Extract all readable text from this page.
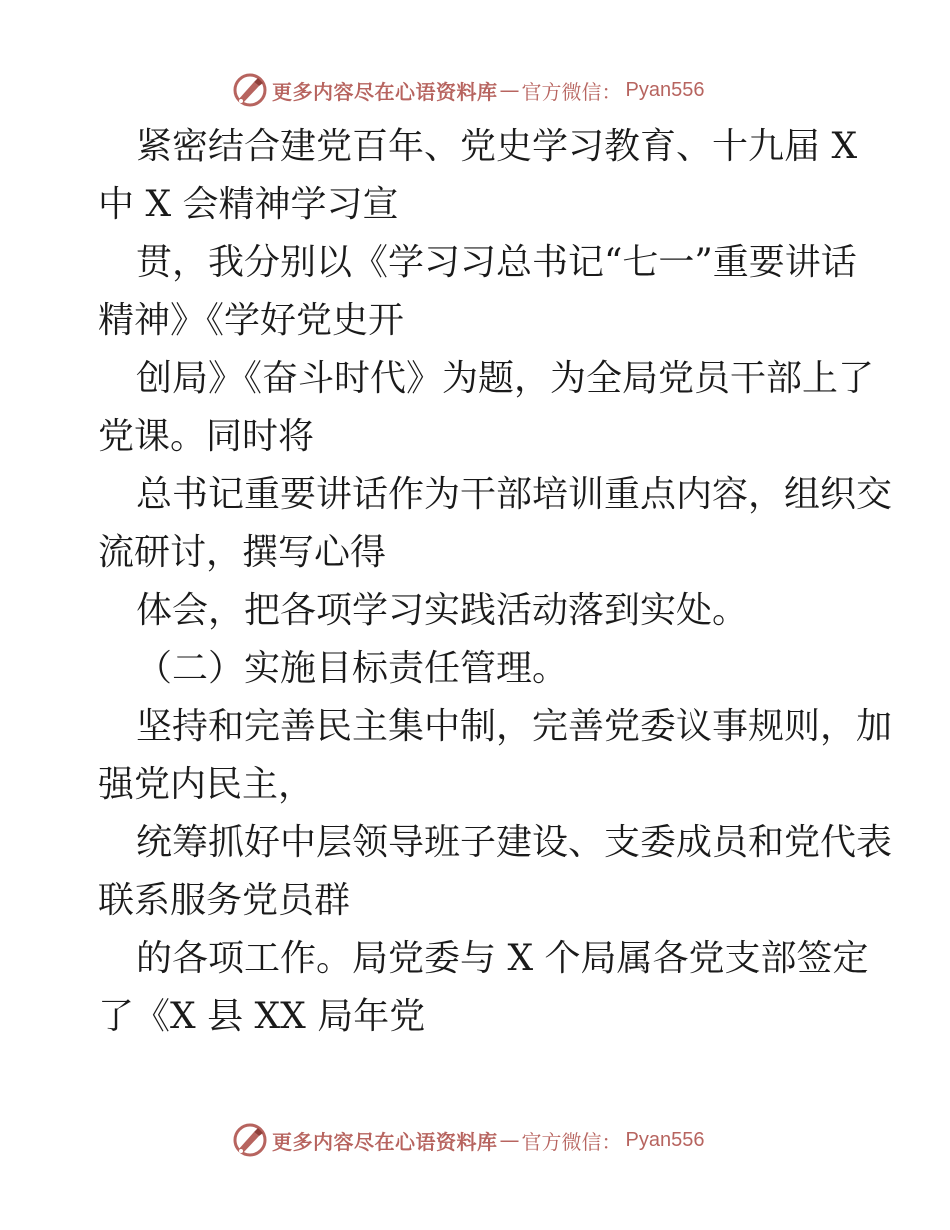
更多内容尽在心语资料库 — 官方微信： Pyan556
紧密结合建党百年、党史学习教育、十九届 X
中 X 会精神学习宣
贯，我分别以《学习习总书记“七一”重要讲话
精神》《学好党史开
创局》《奋斗时代》为题，为全局党员干部上了
党课。同时将
总书记重要讲话作为干部培训重点内容，组织交
流研讨，撰写心得
体会，把各项学习实践活动落到实处。
（二）实施目标责任管理。
坚持和完善民主集中制，完善党委议事规则，加
强党内民主，
统筹抓好中层领导班子建设、支委成员和党代表
联系服务党员群
的各项工作。局党委与 X 个局属各党支部签定
了《X 县 XX 局年党
更多内容尽在心语资料库 — 官方微信： Pyan556
